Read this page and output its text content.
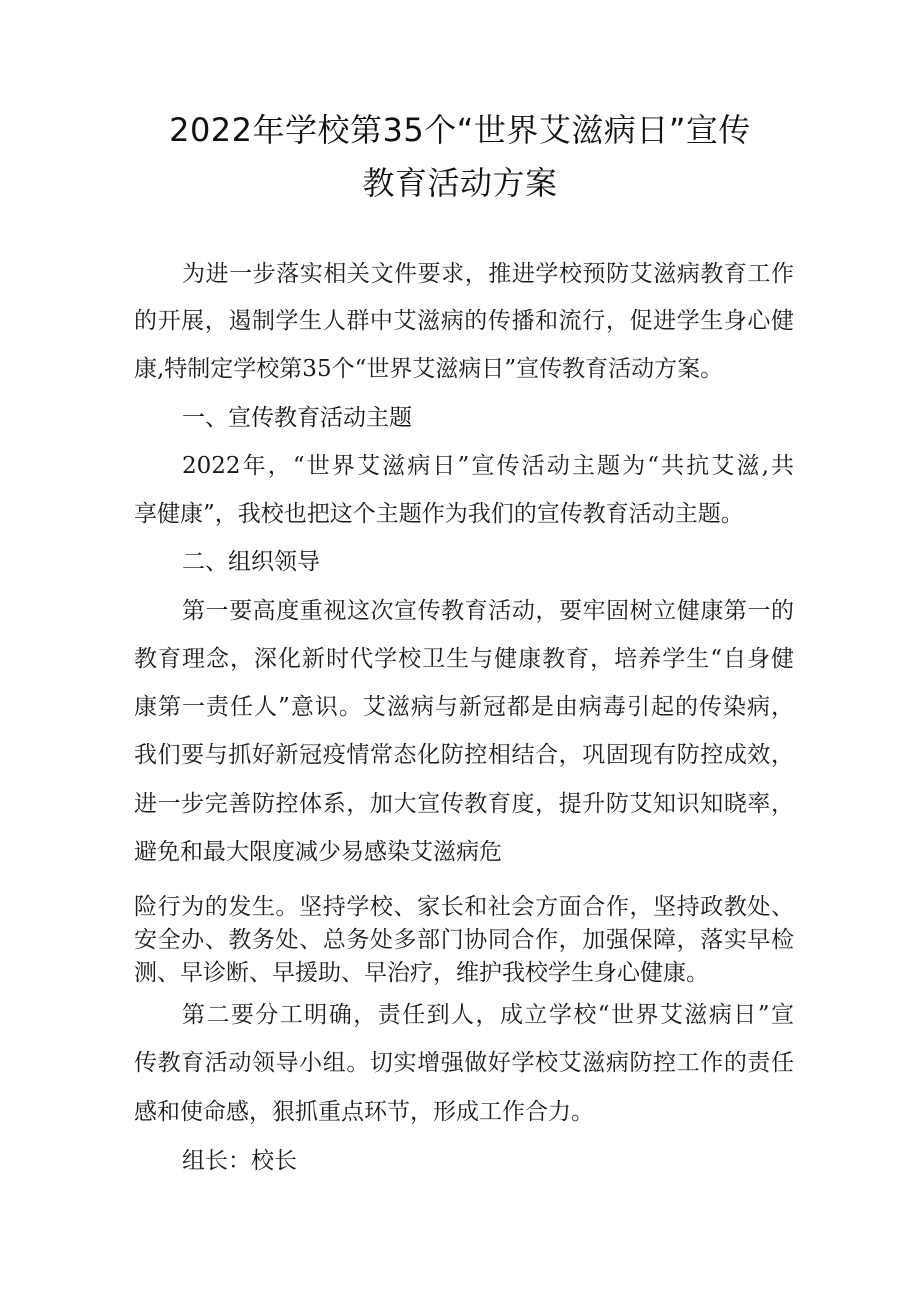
2022年学校第35个“世界艾滋病日”宣传
教育活动方案
为进一步落实相关文件要求，推进学校预防艾滋病教育工作
的开展，遏制学生人群中艾滋病的传播和流行，促进学生身心健
康,特制定学校第35个“世界艾滋病日”宣传教育活动方案。
一、宣传教育活动主题
2022年，“世界艾滋病日”宣传活动主题为“共抗艾滋,共
享健康”，我校也把这个主题作为我们的宣传教育活动主题。
二、组织领导
第一要高度重视这次宣传教育活动，要牢固树立健康第一的
教育理念，深化新时代学校卫生与健康教育，培养学生“自身健
康第一责任人”意识。艾滋病与新冠都是由病毒引起的传染病，
我们要与抓好新冠疫情常态化防控相结合，巩固现有防控成效，
进一步完善防控体系，加大宣传教育度，提升防艾知识知晓率，
避免和最大限度减少易感染艾滋病危
险行为的发生。坚持学校、家长和社会方面合作，坚持政教处、
安全办、教务处、总务处多部门协同合作，加强保障，落实早检
测、早诊断、早援助、早治疗，维护我校学生身心健康。
第二要分工明确，责任到人，成立学校“世界艾滋病日”宣
传教育活动领导小组。切实增强做好学校艾滋病防控工作的责任
感和使命感，狠抓重点环节，形成工作合力。
组长：校长
